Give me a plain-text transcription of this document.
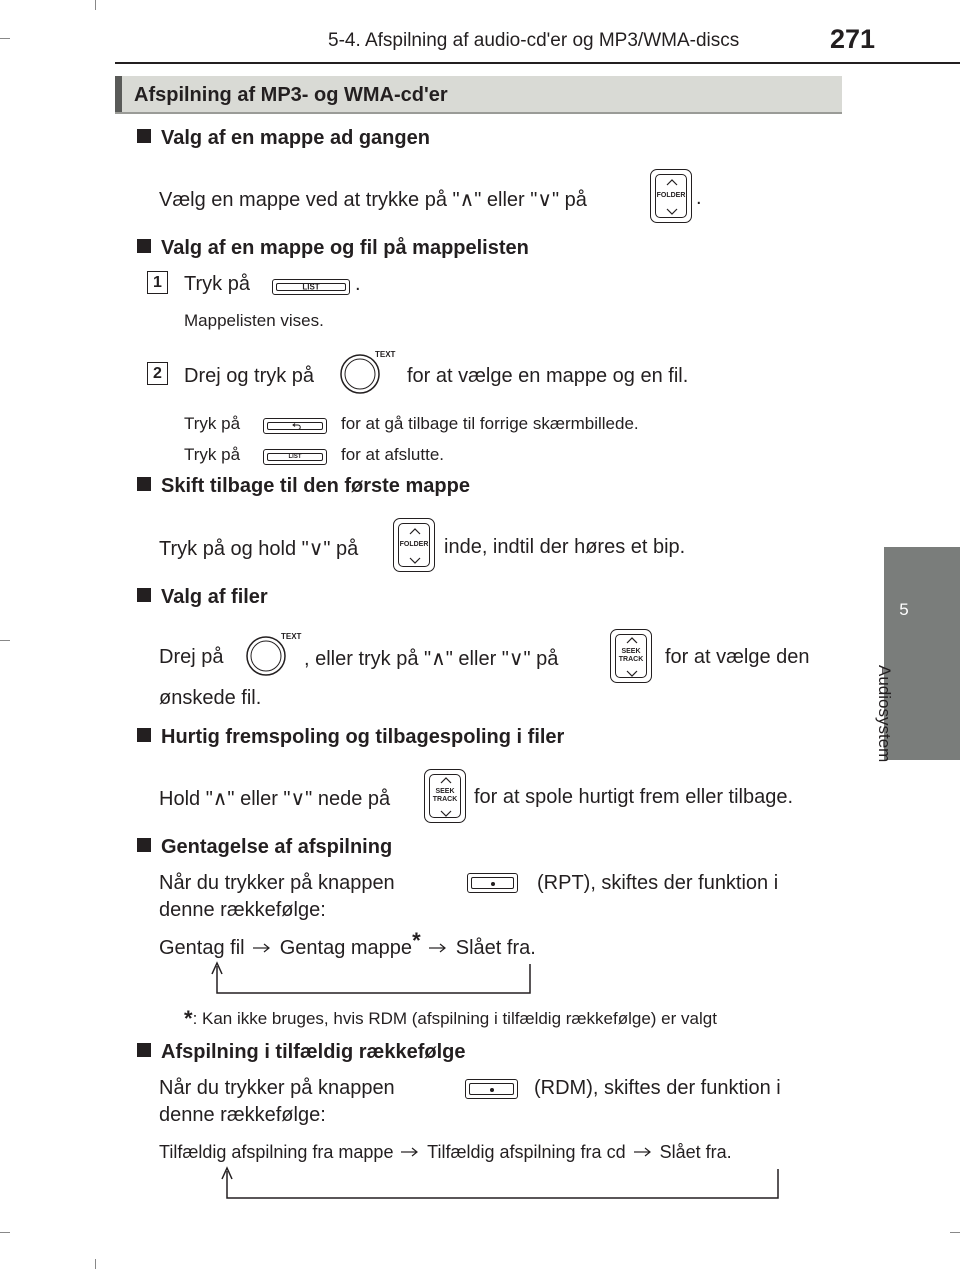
5-4. Afspilning af audio-cd'er og MP3/WMA-discs	271
5
Audiosystem
Afspilning af MP3- og WMA-cd'er
Valg af en mappe ad gangen
Vælg en mappe ved at trykke på "∧" eller "∨" på	FOLDER .
Valg af en mappe og fil på mappelisten
1	Tryk på	LIST	.
Mappelisten vises.
2	Drej og tryk på
TEXT
for at vælge en mappe og en fil.
Tryk på	for at gå tilbage til forrige skærmbillede.
Tryk på	LIST	for at afslutte.
Skift tilbage til den første mappe
Tryk på og hold "∨" på	FOLDER inde, indtil der høres et bip.
Valg af filer
Drej på
TEXT
, eller tryk på "∧" eller "∨" på	SEEK
TRACK	for at vælge den
ønskede fil.
Hurtig fremspoling og tilbagespoling i filer
Hold "∧" eller "∨" nede på	SEEK
TRACK for at spole hurtigt frem eller tilbage.
Gentagelse af afspilning
Når du trykker på knappen	(RPT), skiftes der funktion i
denne rækkefølge:
Gentag fil Gentag mappe* Slået fra.
*: Kan ikke bruges, hvis RDM (afspilning i tilfældig rækkefølge) er valgt
Afspilning i tilfældig rækkefølge
Når du trykker på knappen	(RDM), skiftes der funktion i
denne rækkefølge:
Tilfældig afspilning fra mappe Tilfældig afspilning fra cd Slået fra.
